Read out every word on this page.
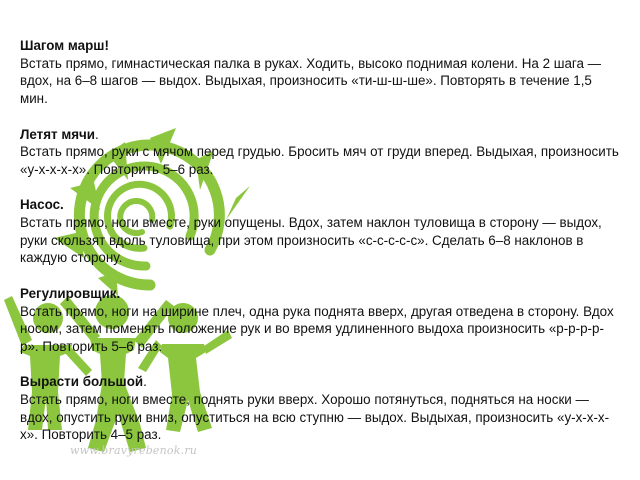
Шагом марш!
Встать прямо, гимнастическая палка в руках. Ходить, высоко поднимая колени. На 2 шага — вдох, на 6–8 шагов — выдох. Выдыхая, произносить «ти-ш-ш-ше». Повторять в течение 1,5 мин.
Летят мячи.
Встать прямо, руки с мячом перед грудью. Бросить мяч от груди вперед. Выдыхая, произносить «у-х-х-х-х». Повторить 5–6 раз.
Насос.
Встать прямо, ноги вместе, руки опущены. Вдох, затем наклон туловища в сторону — выдох, руки скользят вдоль туловища, при этом произносить «с-с-с-с-с». Сделать 6–8 наклонов в каждую сторону.
Регулировщик.
Встать прямо, ноги на ширине плеч, одна рука поднята вверх, другая отведена в сторону. Вдох носом, затем поменять положение рук и во время удлиненного выдоха произносить «р-р-р-р-р». Повторить 5–6 раз.
Вырасти большой.
Встать прямо, ноги вместе, поднять руки вверх. Хорошо потянуться, подняться на носки — вдох, опустить руки вниз, опуститься на всю ступню — выдох. Выдыхая, произносить «у-х-х-х-х». Повторить 4–5 раз.
www.bravyrebenok.ru
